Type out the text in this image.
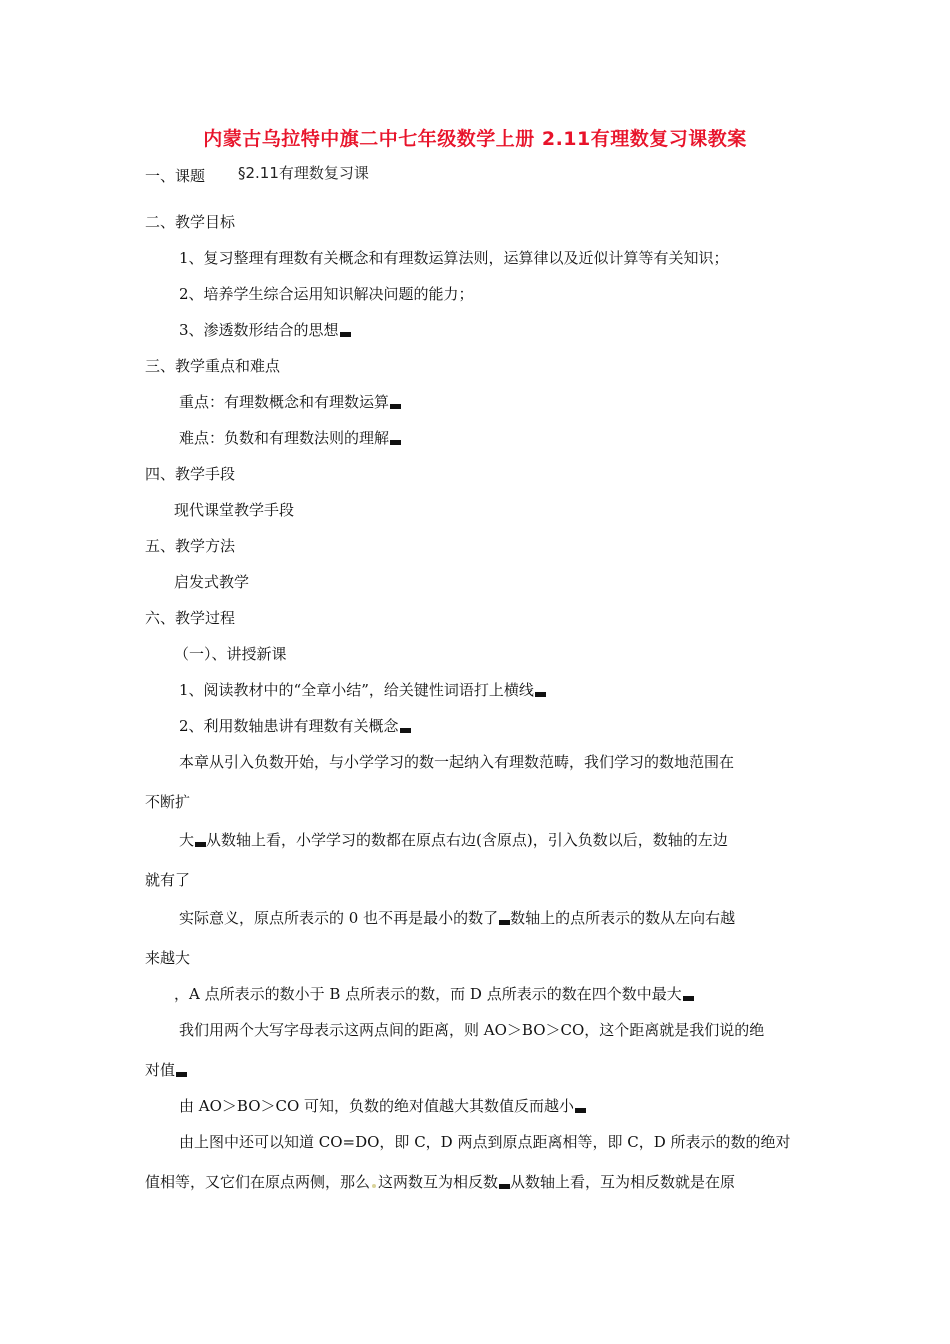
内蒙古乌拉特中旗二中七年级数学上册 2.11有理数复习课教案
一、课题 §2.11有理数复习课
二、教学目标
1、复习整理有理数有关概念和有理数运算法则，运算律以及近似计算等有关知识；
2、培养学生综合运用知识解决问题的能力；
3、渗透数形结合的思想
三、教学重点和难点
重点：有理数概念和有理数运算
难点：负数和有理数法则的理解
四、教学手段
现代课堂教学手段
五、教学方法
启发式教学
六、教学过程
（一）、讲授新课
1、阅读教材中的“全章小结”，给关键性词语打上横线
2、利用数轴患讲有理数有关概念
本章从引入负数开始，与小学学习的数一起纳入有理数范畴，我们学习的数地范围在
不断扩
大 从数轴上看，小学学习的数都在原点右边(含原点)，引入负数以后，数轴的左边
就有了
实际意义，原点所表示的 0 也不再是最小的数了 数轴上的点所表示的数从左向右越
来越大
，A 点所表示的数小于 B 点所表示的数，而 D 点所表示的数在四个数中最大
我们用两个大写字母表示这两点间的距离，则 AO＞BO＞CO，这个距离就是我们说的绝
对值
由 AO＞BO＞CO 可知，负数的绝对值越大其数值反而越小
由上图中还可以知道 CO=DO，即 C，D 两点到原点距离相等，即 C，D 所表示的数的绝对
值相等，又它们在原点两侧，那么 这两数互为相反数 从数轴上看，互为相反数就是在原
